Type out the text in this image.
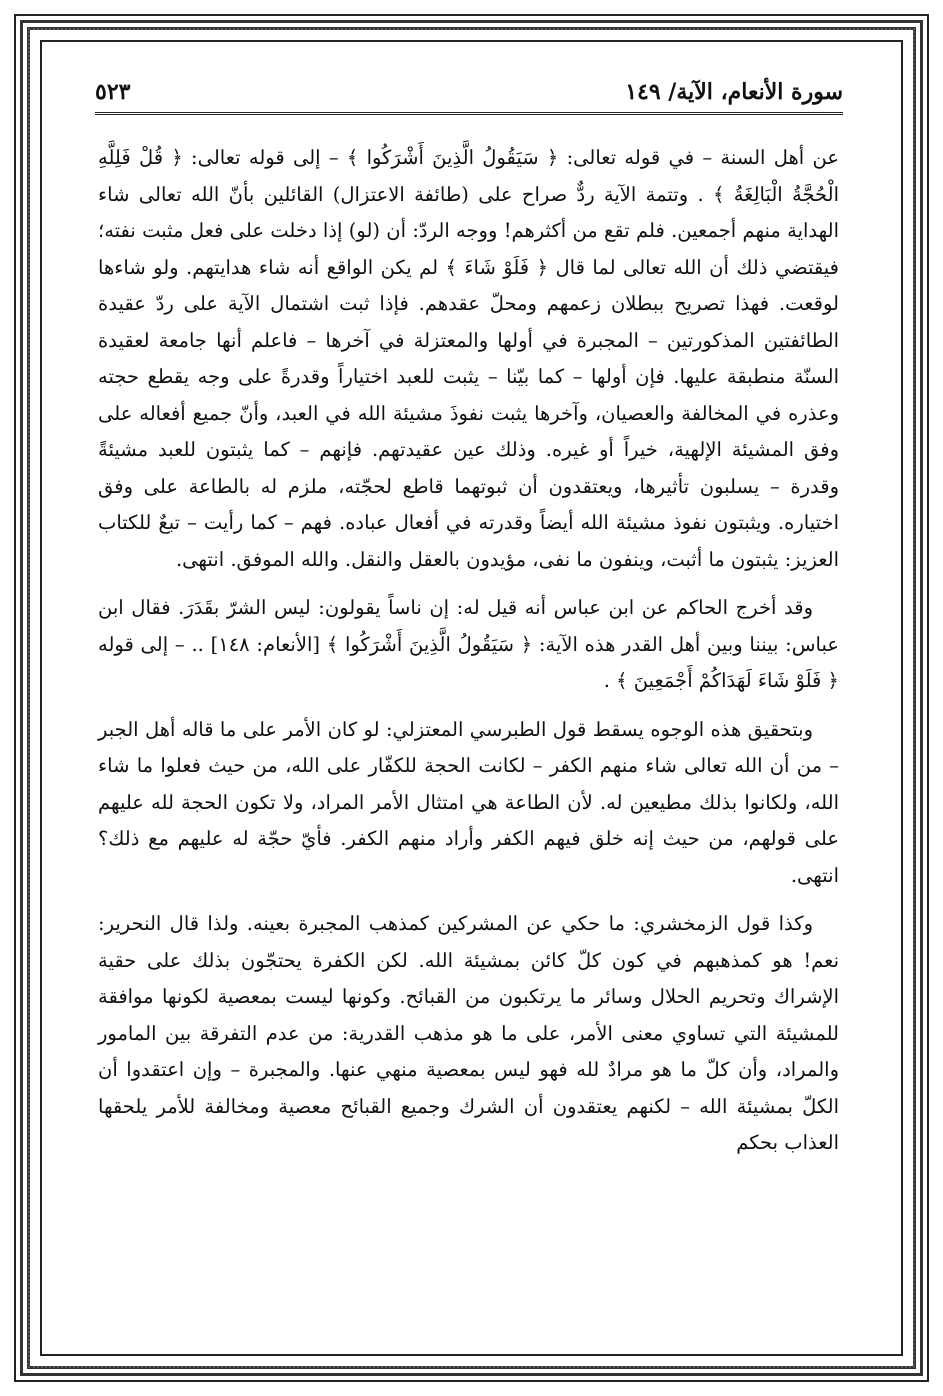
سورة الأنعام، الآية/ ١٤٩
٥٢٣

عن أهل السنة – في قوله تعالى: ﴿ سَيَقُولُ الَّذِينَ أَشْرَكُوا ﴾ – إلى قوله تعالى: ﴿ قُلْ فَلِلَّهِ الْحُجَّةُ الْبَالِغَةُ ﴾ . وتتمة الآية ردٌّ صراح على (طائفة الاعتزال) القائلين بأنّ الله تعالى شاء الهداية منهم أجمعين. فلم تقع من أكثرهم! ووجه الردّ: أن (لو) إذا دخلت على فعل مثبت نفته؛ فيقتضي ذلك أن الله تعالى لما قال ﴿ فَلَوْ شَاءَ ﴾ لم يكن الواقع أنه شاء هدايتهم. ولو شاءها لوقعت. فهذا تصريح ببطلان زعمهم ومحلّ عقدهم. فإذا ثبت اشتمال الآية على ردّ عقيدة الطائفتين المذكورتين – المجبرة في أولها والمعتزلة في آخرها – فاعلم أنها جامعة لعقيدة السنّة منطبقة عليها. فإن أولها – كما بيّنا – يثبت للعبد اختياراً وقدرةً على وجه يقطع حجته وعذره في المخالفة والعصيان، وآخرها يثبت نفوذَ مشيئة الله في العبد، وأنّ جميع أفعاله على وفق المشيئة الإلهية، خيراً أو غيره. وذلك عين عقيدتهم. فإنهم – كما يثبتون للعبد مشيئةً وقدرة – يسلبون تأثيرها، ويعتقدون أن ثبوتهما قاطع لحجّته، ملزم له بالطاعة على وفق اختياره. ويثبتون نفوذ مشيئة الله أيضاً وقدرته في أفعال عباده. فهم – كما رأيت – تبعٌ للكتاب العزيز: يثبتون ما أثبت، وينفون ما نفى، مؤيدون بالعقل والنقل. والله الموفق. انتهى.

وقد أخرج الحاكم عن ابن عباس أنه قيل له: إن ناساً يقولون: ليس الشرّ بقَدَرَ. فقال ابن عباس: بيننا وبين أهل القدر هذه الآية: ﴿ سَيَقُولُ الَّذِينَ أَشْرَكُوا ﴾ [الأنعام: ١٤٨] .. – إلى قوله ﴿ فَلَوْ شَاءَ لَهَدَاكُمْ أَجْمَعِينَ ﴾ .

وبتحقيق هذه الوجوه يسقط قول الطبرسي المعتزلي: لو كان الأمر على ما قاله أهل الجبر – من أن الله تعالى شاء منهم الكفر – لكانت الحجة للكفّار على الله، من حيث فعلوا ما شاء الله، ولكانوا بذلك مطيعين له. لأن الطاعة هي امتثال الأمر المراد، ولا تكون الحجة لله عليهم على قولهم، من حيث إنه خلق فيهم الكفر وأراد منهم الكفر. فأيّ حجّة له عليهم مع ذلك؟ انتهى.

وكذا قول الزمخشري: ما حكي عن المشركين كمذهب المجبرة بعينه. ولذا قال النحرير: نعم! هو كمذهبهم في كون كلّ كائن بمشيئة الله. لكن الكفرة يحتجّون بذلك على حقية الإشراك وتحريم الحلال وسائر ما يرتكبون من القبائح. وكونها ليست بمعصية لكونها موافقة للمشيئة التي تساوي معنى الأمر، على ما هو مذهب القدرية: من عدم التفرقة بين المامور والمراد، وأن كلّ ما هو مرادٌ لله فهو ليس بمعصية منهي عنها. والمجبرة – وإن اعتقدوا أن الكلّ بمشيئة الله – لكنهم يعتقدون أن الشرك وجميع القبائح معصية ومخالفة للأمر يلحقها العذاب بحكم
